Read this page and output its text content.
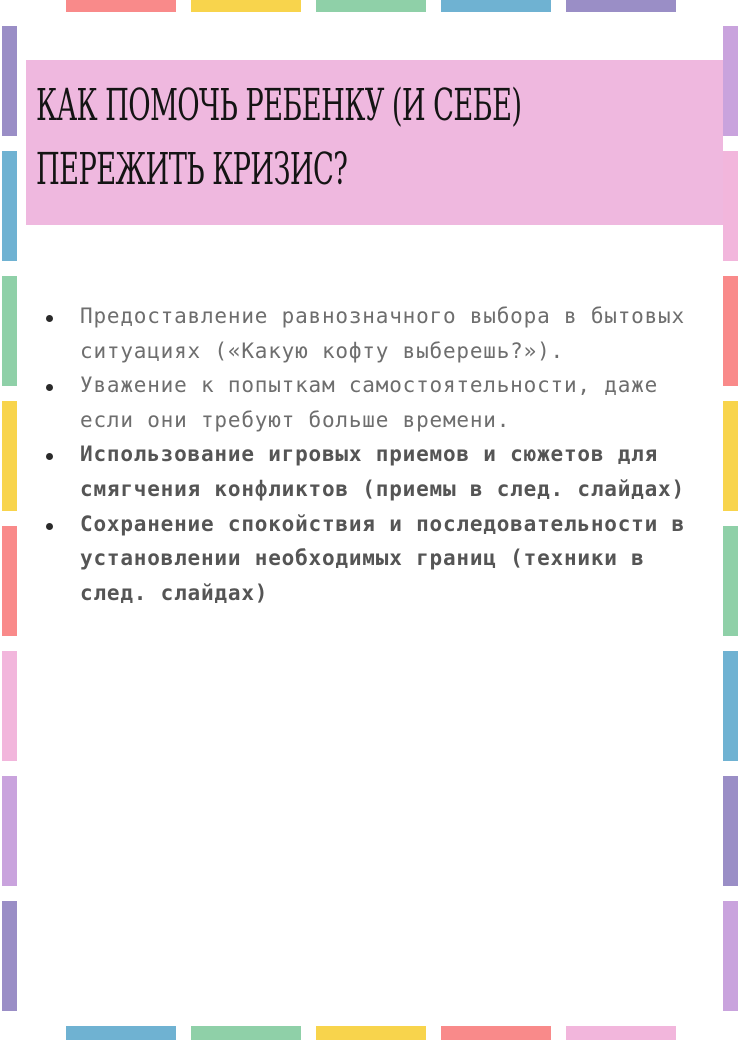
КАК ПОМОЧЬ РЕБЕНКУ (И СЕБЕ) ПЕРЕЖИТЬ КРИЗИС?
Предоставление равнозначного выбора в бытовых ситуациях («Какую кофту выберешь?»).
Уважение к попыткам самостоятельности, даже если они требуют больше времени.
Использование игровых приемов и сюжетов для смягчения конфликтов (приемы в след. слайдах)
Сохранение спокойствия и последовательности в установлении необходимых границ (техники в след. слайдах)
